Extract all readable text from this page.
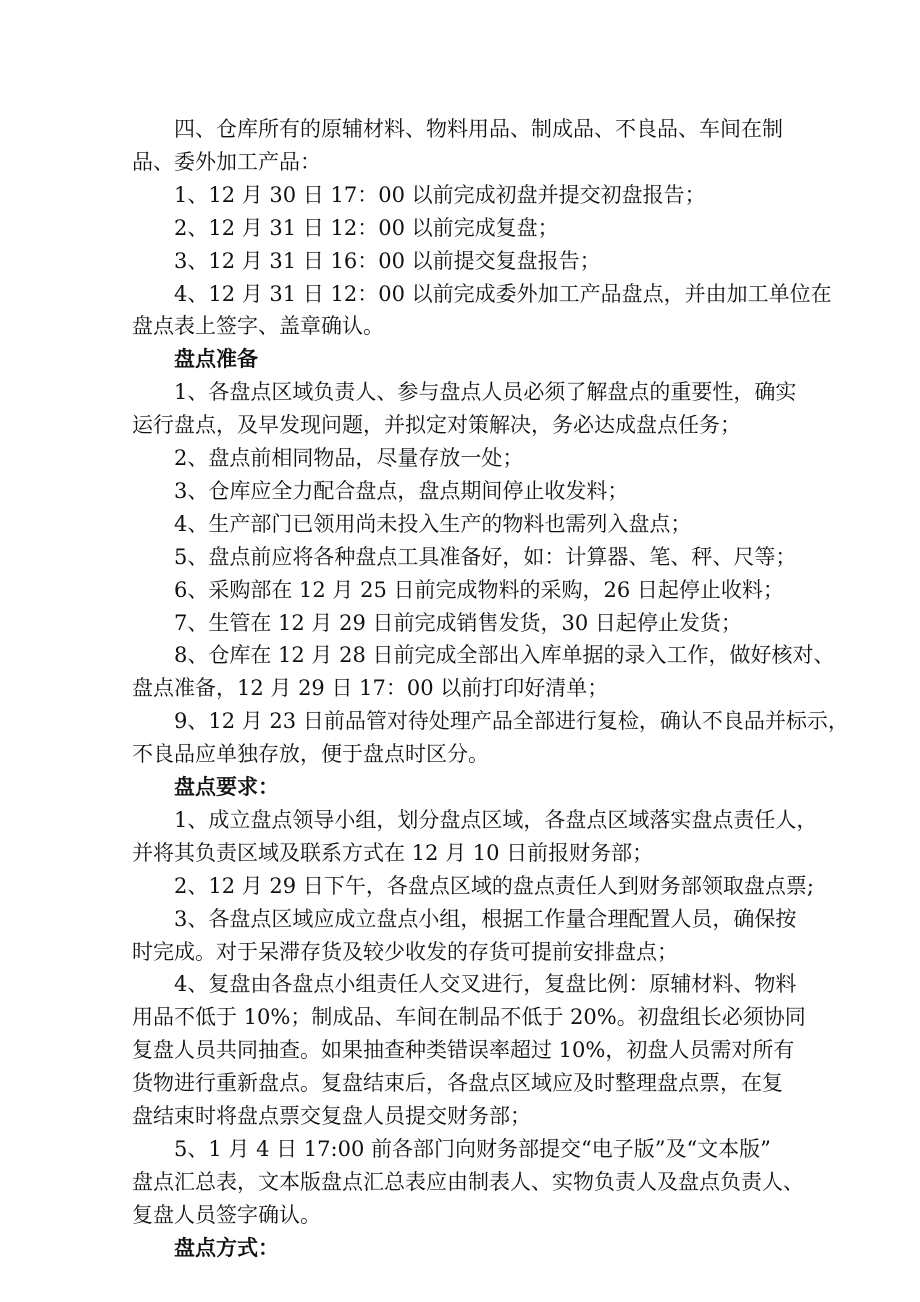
四、仓库所有的原辅材料、物料用品、制成品、不良品、车间在制
品、委外加工产品：
1、12 月 30 日 17：00 以前完成初盘并提交初盘报告；
2、12 月 31 日 12：00 以前完成复盘；
3、12 月 31 日 16：00 以前提交复盘报告；
4、12 月 31 日 12：00 以前完成委外加工产品盘点，并由加工单位在
盘点表上签字、盖章确认。
盘点准备
1、各盘点区域负责人、参与盘点人员必须了解盘点的重要性，确实
运行盘点，及早发现问题，并拟定对策解决，务必达成盘点任务；
2、盘点前相同物品，尽量存放一处；
3、仓库应全力配合盘点，盘点期间停止收发料；
4、生产部门已领用尚未投入生产的物料也需列入盘点；
5、盘点前应将各种盘点工具准备好，如：计算器、笔、秤、尺等；
6、采购部在 12 月 25 日前完成物料的采购，26 日起停止收料；
7、生管在 12 月 29 日前完成销售发货，30 日起停止发货；
8、仓库在 12 月 28 日前完成全部出入库单据的录入工作，做好核对、
盘点准备，12 月 29 日 17：00 以前打印好清单；
9、12 月 23 日前品管对待处理产品全部进行复检，确认不良品并标示，
不良品应单独存放，便于盘点时区分。
盘点要求：
1、成立盘点领导小组，划分盘点区域，各盘点区域落实盘点责任人，
并将其负责区域及联系方式在 12 月 10 日前报财务部；
2、12 月 29 日下午，各盘点区域的盘点责任人到财务部领取盘点票;
3、各盘点区域应成立盘点小组，根据工作量合理配置人员，确保按
时完成。对于呆滞存货及较少收发的存货可提前安排盘点；
4、复盘由各盘点小组责任人交叉进行，复盘比例：原辅材料、物料
用品不低于 10%；制成品、车间在制品不低于 20%。初盘组长必须协同
复盘人员共同抽查。如果抽查种类错误率超过 10%，初盘人员需对所有
货物进行重新盘点。复盘结束后，各盘点区域应及时整理盘点票，在复
盘结束时将盘点票交复盘人员提交财务部；
5、1 月 4 日 17:00 前各部门向财务部提交“电子版”及“文本版”
盘点汇总表，文本版盘点汇总表应由制表人、实物负责人及盘点负责人、
复盘人员签字确认。
盘点方式：
